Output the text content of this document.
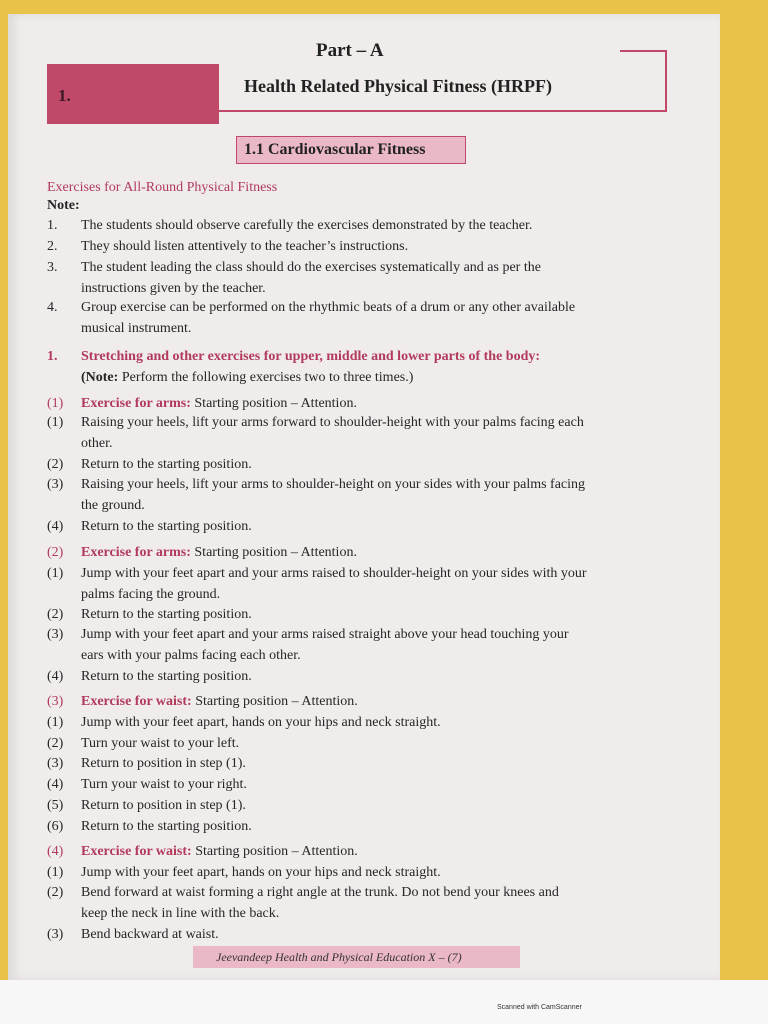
Scanned with CamScanner
Part – A
1.	Health Related Physical Fitness (HRPF)
1.1 Cardiovascular Fitness
Exercises for All-Round Physical Fitness
Note:
1.	The students should observe carefully the exercises demonstrated by the teacher.
2.	They should listen attentively to the teacher’s instructions.
3.	The student leading the class should do the exercises systematically and as per the
instructions given by the teacher.
4.	Group exercise can be performed on the rhythmic beats of a drum or any other available
musical instrument.
1.	Stretching and other exercises for upper, middle and lower parts of the body:
(Note: Perform the following exercises two to three times.)
(1)	Exercise for arms: Starting position – Attention.
(1)	Raising your heels, lift your arms forward to shoulder-height with your palms facing each
other.
(2)	Return to the starting position.
(3)	Raising your heels, lift your arms to shoulder-height on your sides with your palms facing
the ground.
(4)	Return to the starting position.
(2)	Exercise for arms: Starting position – Attention.
(1)	Jump with your feet apart and your arms raised to shoulder-height on your sides with your
palms facing the ground.
(2)	Return to the starting position.
(3)	Jump with your feet apart and your arms raised straight above your head touching your
ears with your palms facing each other.
(4)	Return to the starting position.
(3)	Exercise for waist: Starting position – Attention.
(1)	Jump with your feet apart, hands on your hips and neck straight.
(2)	Turn your waist to your left.
(3)	Return to position in step (1).
(4)	Turn your waist to your right.
(5)	Return to position in step (1).
(6)	Return to the starting position.
(4)	Exercise for waist: Starting position – Attention.
(1)	Jump with your feet apart, hands on your hips and neck straight.
(2)	Bend forward at waist forming a right angle at the trunk. Do not bend your knees and
keep the neck in line with the back.
(3)	Bend backward at waist.
Jeevandeep Health and Physical Education X – (7)
